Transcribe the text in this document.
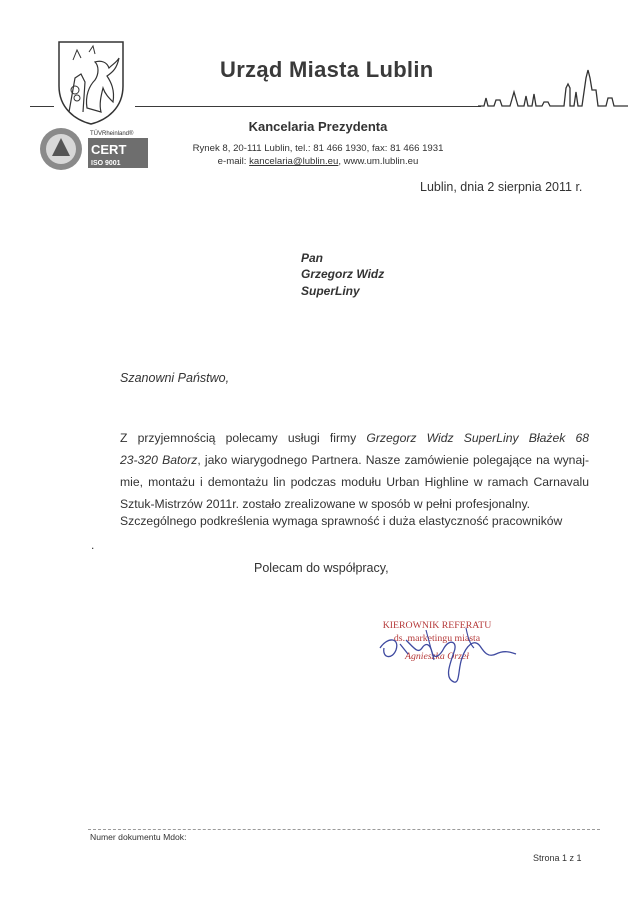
Urząd Miasta Lublin
TÜVRheinland®
CERT
ISO 9001
Kancelaria Prezydenta
Rynek 8, 20-111 Lublin, tel.: 81 466 1930, fax: 81 466 1931
e-mail: kancelaria@lublin.eu, www.um.lublin.eu
Lublin, dnia 2 sierpnia 2011 r.
Pan
Grzegorz Widz
SuperLiny
Szanowni Państwo,
Z przyjemnością polecamy usługi firmy Grzegorz Widz SuperLiny Błażek 68
23-320 Batorz, jako wiarygodnego Partnera. Nasze zamówienie polegające na wynaj-
mie, montażu i demontażu lin podczas modułu Urban Highline w ramach Carnavalu
Sztuk-Mistrzów 2011r. zostało zrealizowane w sposób w pełni profesjonalny.
Szczególnego podkreślenia wymaga sprawność i duża elastyczność pracowników
.
Polecam do współpracy,
KIEROWNIK REFERATU
ds. marketingu miasta
Agnieszka Orzeł
Numer dokumentu Mdok:
Strona 1 z 1
